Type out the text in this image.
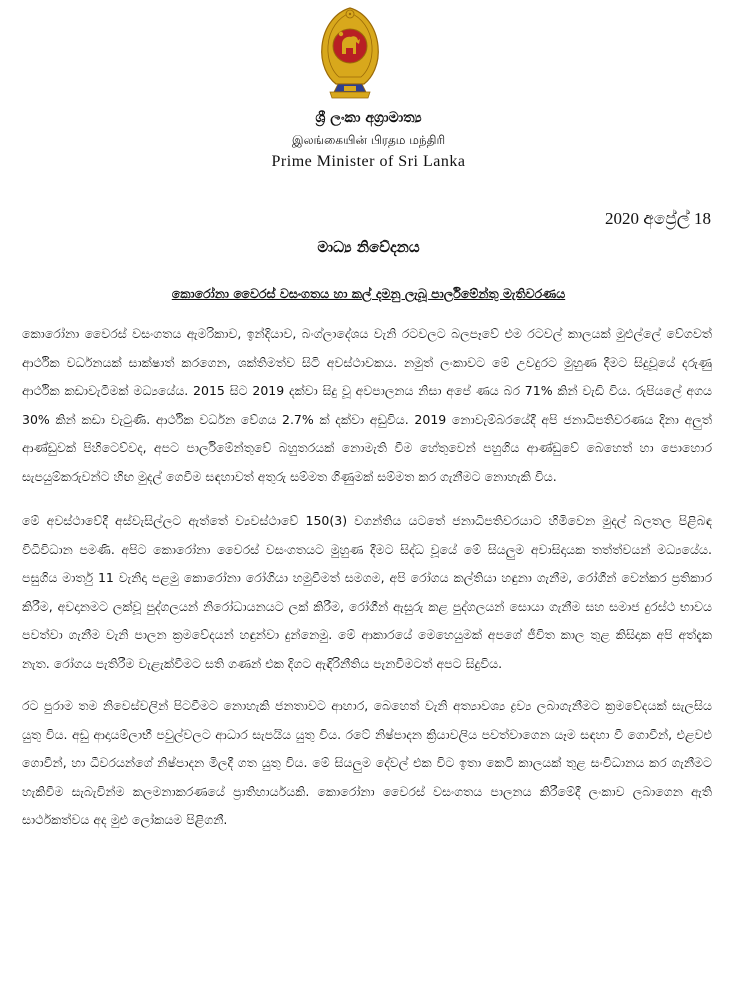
ශ්‍රී ලංකා අග්‍රාමාත්‍ය
இலங்கையின் பிரதம மந்திரி
Prime Minister of Sri Lanka
2020 අප්‍රේල් 18
මාධ්‍ය නිවේදනය
කොරෝනා වෛරස් වසංගතය හා කල් දමනු ලැබූ පාර්ලිමේන්තු මැතිවරණය

කොරෝනා වෛරස් වසංගතය ඇමරිකාව, ඉන්දියාව, බංග්ලාදේශය වැනි රටවලට බලපෑවේ එම රටවල් කාලයක් මුළුල්ලේ වේගවත් ආර්ථික වර්ධනයක් සාක්ෂාත් කරගෙන, ශක්තිමත්ව සිටි අවස්ථාවකය. නමුත් ලංකාවට මේ උවදුරට මුහුණ දීමට සිදුවූයේ දරුණු ආර්ථික කඩාවැටීමක් මධ්‍යයේය. 2015 සිට 2019 දක්වා සිදු වූ අවපාලනය නිසා අපේ ණය බර 71% කින් වැඩි විය. රුපියලේ අගය 30% කින් කඩා වැටුණි. ආර්ථික වර්ධන වේගය 2.7% ක් දක්වා අඩුවිය. 2019 නොවැම්බරයේදී අපි ජනාධිපතිවරණය දිනා අලුත් ආණ්ඩුවක් පිහිටෙව්වද, අපට පාර්ලිමේන්තුවේ බහුතරයක් නොමැති වීම හේතුවෙන් පහුගිය ආණ්ඩුවේ බෙහෙත් හා පොහොර සැපයුම්කරුවන්ට හිඟ මුදල් ගෙවීම සඳහාවත් අතුරු සම්මත ගිණුමක් සම්මත කර ගැනීමට නොහැකි විය.

මේ අවස්ථාවේදී අස්වැසිල්ලට ඇත්තේ ව්‍යවස්ථාවේ 150(3) වගන්තිය යටතේ ජනාධිපතිවරයාට හිමිවෙන මුදල් බලතල පිළිබඳ විධිවිධාන පමණි. අපිට කොරෝනා වෛරස් වසංගතයට මුහුණ දීමට සිද්ධ වූයේ මේ සියලුම අවාසිදායක තත්ත්වයන් මධ්‍යයේය. පසුගිය මාර්තු 11 වැනිදා පළමු කොරෝනා රෝගියා හමුවීමත් සමගම, අපි රෝගය කල්තියා හඳුනා ගැනීම, රෝගීන් වෙන්කර ප්‍රතිකාර කිරීම, අවදානමට ලක්වූ පුද්ගලයන් නිරෝධායනයට ලක් කිරීම, රෝගීන් ඇසුරු කළ පුද්ගලයන් සොයා ගැනීම සහ සමාජ දුරස්ථ භාවය පවත්වා ගැනීම වැනි පාලන ක්‍රමවේදයන් හඳුන්වා දුන්නෙමු. මේ ආකාරයේ මෙහෙයුමක් අපගේ ජීවිත කාල තුළ කිසිදාක අපි අත්දැක නැත. රෝගය පැතිරීම වැළැක්වීමට සති ගණන් එක දිගට ඇඳිරිනීතිය පැනවීමටත් අපට සිදුවිය.

රට පුරාම තම නිවෙස්වලින් පිටවීමට නොහැකි ජනතාවට ආහාර, බෙහෙත් වැනි අත්‍යාවශ්‍ය ද්‍රව්‍ය ලබාගැනීමට ක්‍රමවේදයක් සැලසිය යුතු විය. අඩු ආදායම්ලාභී පවුල්වලට ආධාර සැපයිය යුතු විය. රටේ නිෂ්පාදන ක්‍රියාවලිය පවත්වාගෙන යෑම සඳහා වී ගොවීන්, එළවළු ගොවීන්, හා ධීවරයන්ගේ නිෂ්පාදන මිලදී ගත යුතු විය. මේ සියලුම දේවල් එක විට ඉතා කෙටි කාලයක් තුළ සංවිධානය කර ගැනීමට හැකිවීම සැබැවින්ම කලමනාකරණයේ ප්‍රාතිහාර්යයකි. කොරෝනා වෛරස් වසංගතය පාලනය කිරීමේදී ලංකාව ලබාගෙන ඇති සාර්ථකත්වය අද මුළු ලෝකයම පිළිගනී.
